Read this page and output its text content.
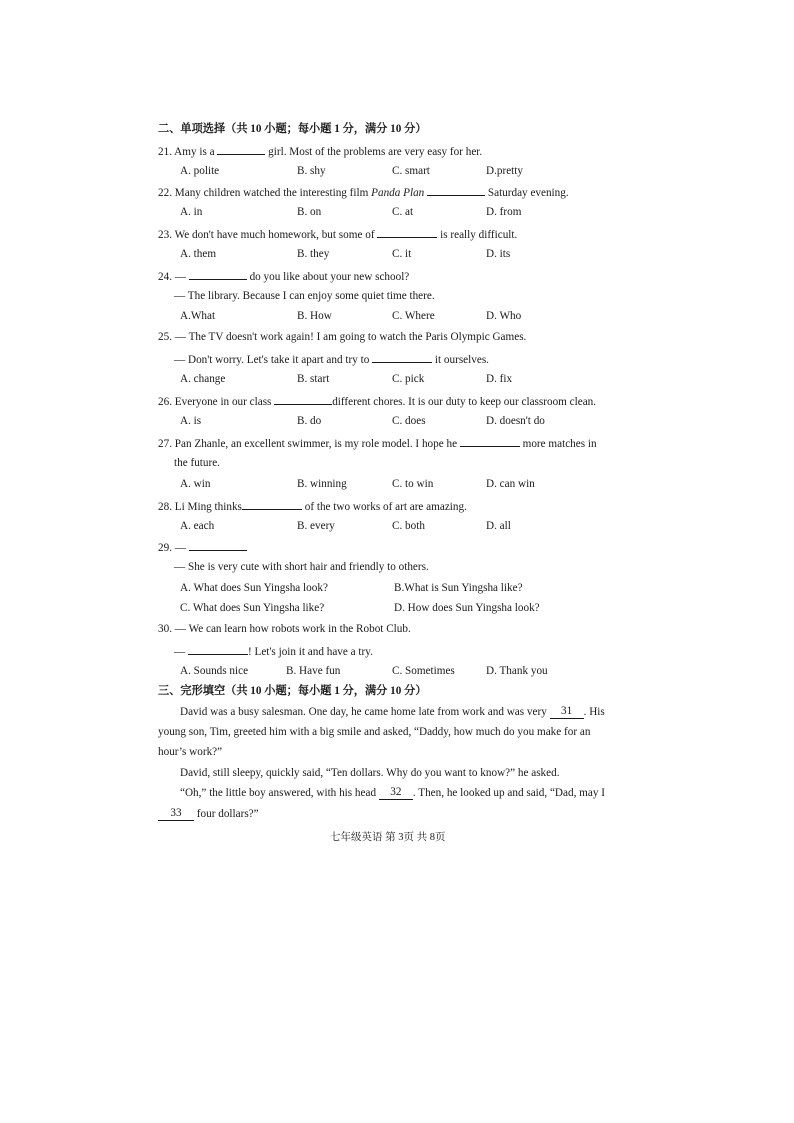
二、单项选择（共 10 小题；每小题 1 分，满分 10 分）
21. Amy is a	girl. Most of the problems are very easy for her.
A. polite	B. shy	C. smart	D.pretty
22. Many children watched the interesting film Panda Plan	Saturday evening.
A. in	B. on	C. at	D. from
23. We don't have much homework, but some of	is really difficult.
A. them	B. they	C. it	D. its
24. —	do you like about your new school?
— The library. Because I can enjoy some quiet time there.
A.What	B. How	C. Where	D. Who
25. — The TV doesn't work again! I am going to watch the Paris Olympic Games.
— Don't worry. Let's take it apart and try to	it ourselves.
A. change	B. start	C. pick	D. fix
26. Everyone in our class	different chores. It is our duty to keep our classroom clean.
A. is	B. do	C. does	D. doesn't do
27. Pan Zhanle, an excellent swimmer, is my role model. I hope he	more matches in
the future.
A. win	B. winning	C. to win	D. can win
28. Li Ming thinks	of the two works of art are amazing.
A. each	B. every	C. both	D. all
29. —
— She is very cute with short hair and friendly to others.
A. What does Sun Yingsha look?	B.What is Sun Yingsha like?
C. What does Sun Yingsha like?	D. How does Sun Yingsha look?
30. — We can learn how robots work in the Robot Club.
—	! Let's join it and have a try.
A. Sounds nice	B. Have fun	C. Sometimes	D. Thank you
三、完形填空（共 10 小题；每小题 1 分，满分 10 分）
David was a busy salesman. One day, he came home late from work and was very 31 . His
young son, Tim, greeted him with a big smile and asked, “Daddy, how much do you make for an
hour’s work?”
David, still sleepy, quickly said, “Ten dollars. Why do you want to know?” he asked.
“Oh,” the little boy answered, with his head 32 . Then, he looked up and said, “Dad, may I
33 four dollars?”
七年级英语 第 3页 共 8页
